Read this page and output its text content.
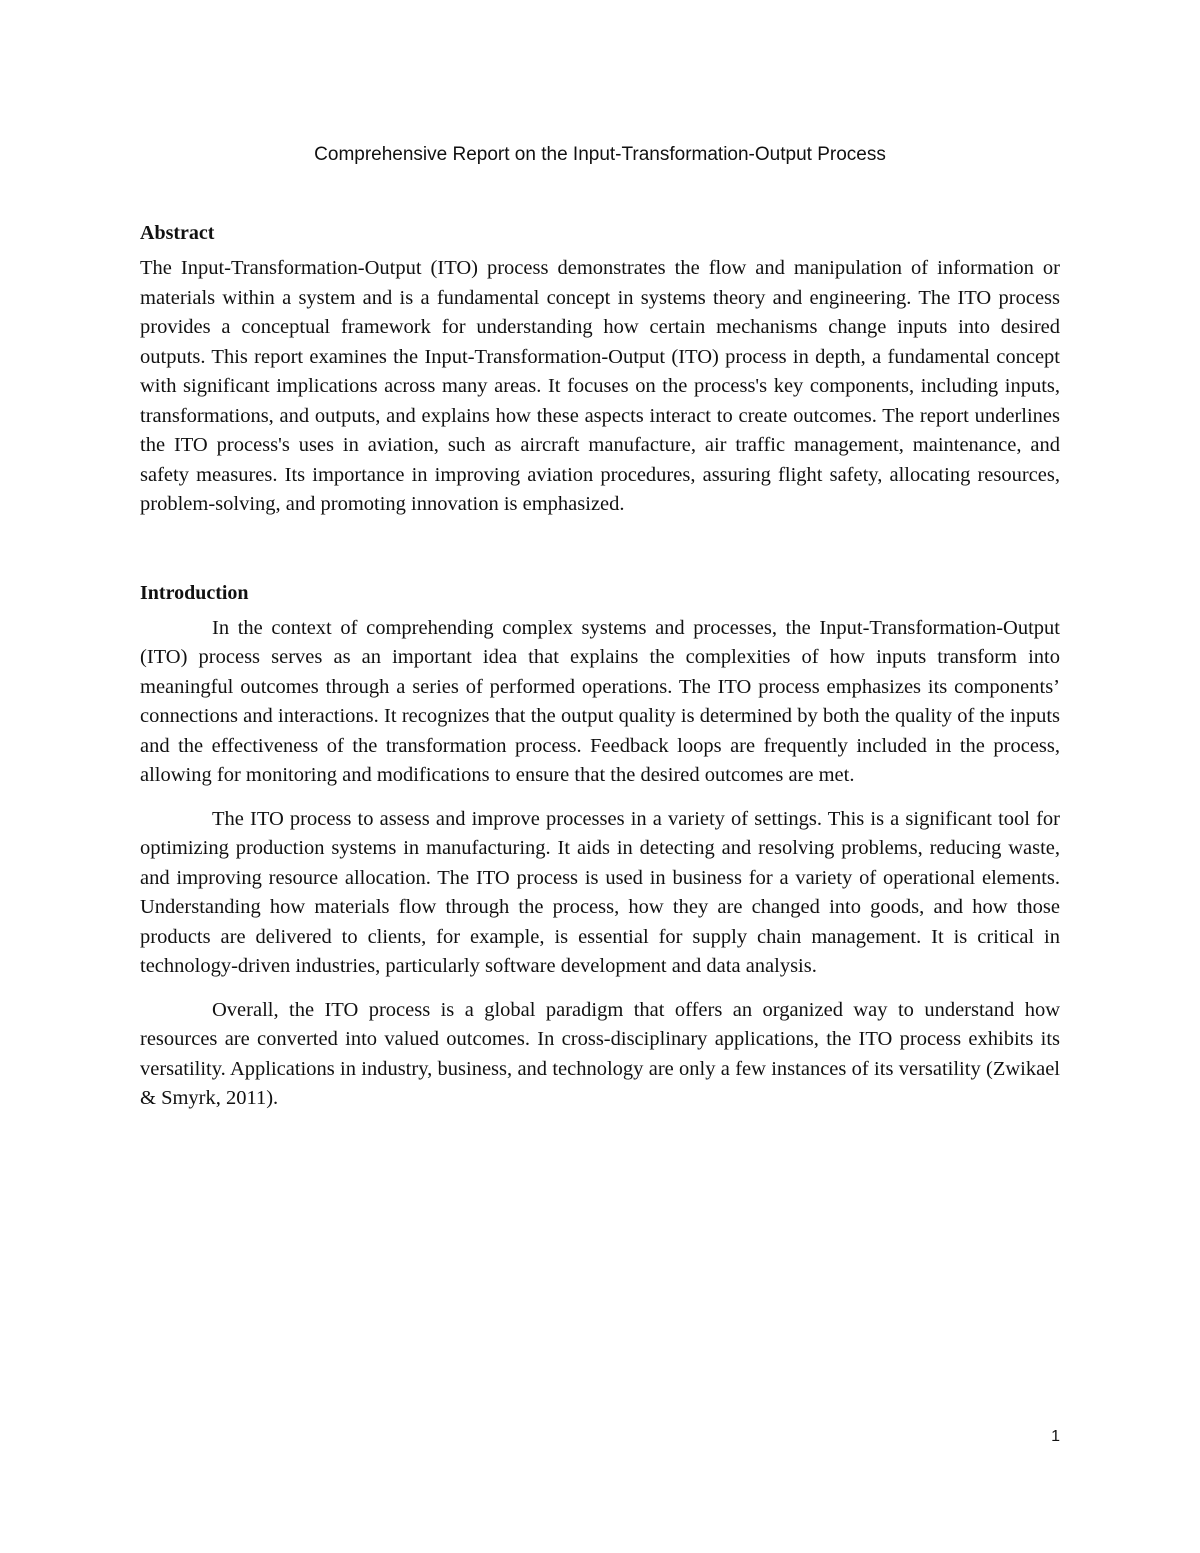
Comprehensive Report on the Input-Transformation-Output Process
Abstract

The Input-Transformation-Output (ITO) process demonstrates the flow and manipulation of information or materials within a system and is a fundamental concept in systems theory and engineering. The ITO process provides a conceptual framework for understanding how certain mechanisms change inputs into desired outputs. This report examines the Input-Transformation-Output (ITO) process in depth, a fundamental concept with significant implications across many areas. It focuses on the process's key components, including inputs, transformations, and outputs, and explains how these aspects interact to create outcomes. The report underlines the ITO process's uses in aviation, such as aircraft manufacture, air traffic management, maintenance, and safety measures. Its importance in improving aviation procedures, assuring flight safety, allocating resources, problem-solving, and promoting innovation is emphasized.

Introduction

In the context of comprehending complex systems and processes, the Input-Transformation-Output (ITO) process serves as an important idea that explains the complexities of how inputs transform into meaningful outcomes through a series of performed operations. The ITO process emphasizes its components’ connections and interactions. It recognizes that the output quality is determined by both the quality of the inputs and the effectiveness of the transformation process. Feedback loops are frequently included in the process, allowing for monitoring and modifications to ensure that the desired outcomes are met.

The ITO process to assess and improve processes in a variety of settings. This is a significant tool for optimizing production systems in manufacturing. It aids in detecting and resolving problems, reducing waste, and improving resource allocation. The ITO process is used in business for a variety of operational elements. Understanding how materials flow through the process, how they are changed into goods, and how those products are delivered to clients, for example, is essential for supply chain management. It is critical in technology-driven industries, particularly software development and data analysis.

Overall, the ITO process is a global paradigm that offers an organized way to understand how resources are converted into valued outcomes. In cross-disciplinary applications, the ITO process exhibits its versatility. Applications in industry, business, and technology are only a few instances of its versatility (Zwikael & Smyrk, 2011).

1
